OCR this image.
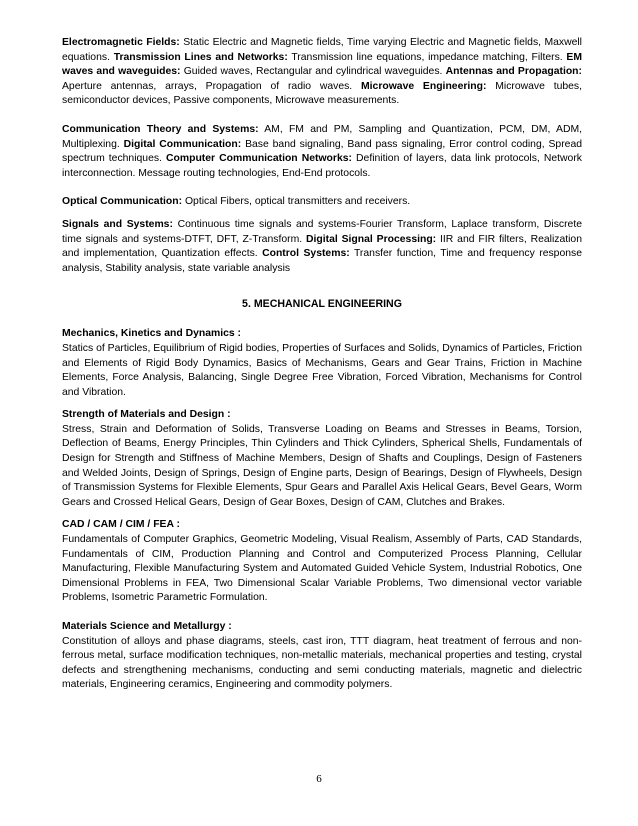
Electromagnetic Fields: Static Electric and Magnetic fields, Time varying Electric and Magnetic fields, Maxwell equations. Transmission Lines and Networks: Transmission line equations, impedance matching, Filters. EM waves and waveguides: Guided waves, Rectangular and cylindrical waveguides. Antennas and Propagation: Aperture antennas, arrays, Propagation of radio waves. Microwave Engineering: Microwave tubes, semiconductor devices, Passive components, Microwave measurements.

Communication Theory and Systems: AM, FM and PM, Sampling and Quantization, PCM, DM, ADM, Multiplexing. Digital Communication: Base band signaling, Band pass signaling, Error control coding, Spread spectrum techniques. Computer Communication Networks: Definition of layers, data link protocols, Network interconnection. Message routing technologies, End-End protocols.

Optical Communication: Optical Fibers, optical transmitters and receivers.

Signals and Systems: Continuous time signals and systems-Fourier Transform, Laplace transform, Discrete time signals and systems-DTFT, DFT, Z-Transform. Digital Signal Processing: IIR and FIR filters, Realization and implementation, Quantization effects. Control Systems: Transfer function, Time and frequency response analysis, Stability analysis, state variable analysis

5. MECHANICAL ENGINEERING

Mechanics, Kinetics and Dynamics :
Statics of Particles, Equilibrium of Rigid bodies, Properties of Surfaces and Solids, Dynamics of Particles, Friction and Elements of Rigid Body Dynamics, Basics of Mechanisms, Gears and Gear Trains, Friction in Machine Elements, Force Analysis, Balancing, Single Degree Free Vibration, Forced Vibration, Mechanisms for Control and Vibration.

Strength of Materials and Design :
Stress, Strain and Deformation of Solids, Transverse Loading on Beams and Stresses in Beams, Torsion, Deflection of Beams, Energy Principles, Thin Cylinders and Thick Cylinders, Spherical Shells, Fundamentals of Design for Strength and Stiffness of Machine Members, Design of Shafts and Couplings, Design of Fasteners and Welded Joints, Design of Springs, Design of Engine parts, Design of Bearings, Design of Flywheels, Design of Transmission Systems for Flexible Elements, Spur Gears and Parallel Axis Helical Gears, Bevel Gears, Worm Gears and Crossed Helical Gears, Design of Gear Boxes, Design of CAM, Clutches and Brakes.

CAD / CAM / CIM / FEA :
Fundamentals of Computer Graphics, Geometric Modeling, Visual Realism, Assembly of Parts, CAD Standards, Fundamentals of CIM, Production Planning and Control and Computerized Process Planning, Cellular Manufacturing, Flexible Manufacturing System and Automated Guided Vehicle System, Industrial Robotics, One Dimensional Problems in FEA, Two Dimensional Scalar Variable Problems, Two dimensional vector variable Problems, Isometric Parametric Formulation.

Materials Science and Metallurgy :
Constitution of alloys and phase diagrams, steels, cast iron, TTT diagram, heat treatment of ferrous and non-ferrous metal, surface modification techniques, non-metallic materials, mechanical properties and testing, crystal defects and strengthening mechanisms, conducting and semi conducting materials, magnetic and dielectric materials, Engineering ceramics, Engineering and commodity polymers.

6
